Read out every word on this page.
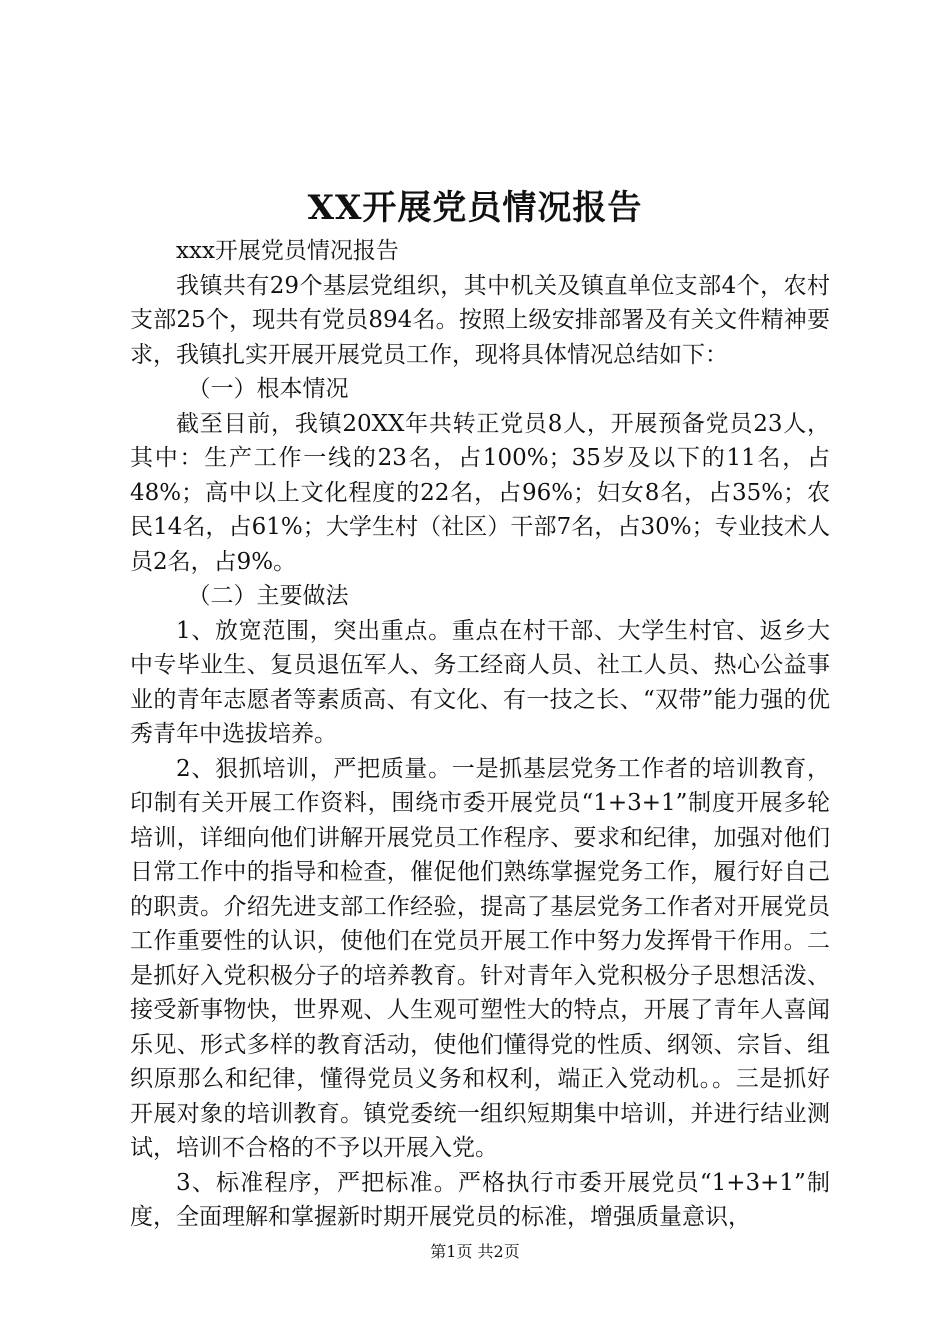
XX开展党员情况报告

xxx开展党员情况报告

我镇共有29个基层党组织，其中机关及镇直单位支部4个，农村支部25个，现共有党员894名。按照上级安排部署及有关文件精神要求，我镇扎实开展开展党员工作，现将具体情况总结如下：

（一）根本情况

截至目前，我镇20XX年共转正党员8人，开展预备党员23人，其中：生产工作一线的23名，占100%；35岁及以下的11名，占48%；高中以上文化程度的22名，占96%；妇女8名，占35%；农民14名，占61%；大学生村（社区）干部7名，占30%；专业技术人员2名，占9%。

（二）主要做法

1、放宽范围，突出重点。重点在村干部、大学生村官、返乡大中专毕业生、复员退伍军人、务工经商人员、社工人员、热心公益事业的青年志愿者等素质高、有文化、有一技之长、“双带”能力强的优秀青年中选拔培养。

2、狠抓培训，严把质量。一是抓基层党务工作者的培训教育，印制有关开展工作资料，围绕市委开展党员“1+3+1”制度开展多轮培训，详细向他们讲解开展党员工作程序、要求和纪律，加强对他们日常工作中的指导和检查，催促他们熟练掌握党务工作，履行好自己的职责。介绍先进支部工作经验，提高了基层党务工作者对开展党员工作重要性的认识，使他们在党员开展工作中努力发挥骨干作用。二是抓好入党积极分子的培养教育。针对青年入党积极分子思想活泼、接受新事物快，世界观、人生观可塑性大的特点，开展了青年人喜闻乐见、形式多样的教育活动，使他们懂得党的性质、纲领、宗旨、组织原那么和纪律，懂得党员义务和权利，端正入党动机。。三是抓好开展对象的培训教育。镇党委统一组织短期集中培训，并进行结业测试，培训不合格的不予以开展入党。

3、标准程序，严把标准。严格执行市委开展党员“1+3+1”制度，全面理解和掌握新时期开展党员的标准，增强质量意识，

第1页 共2页
